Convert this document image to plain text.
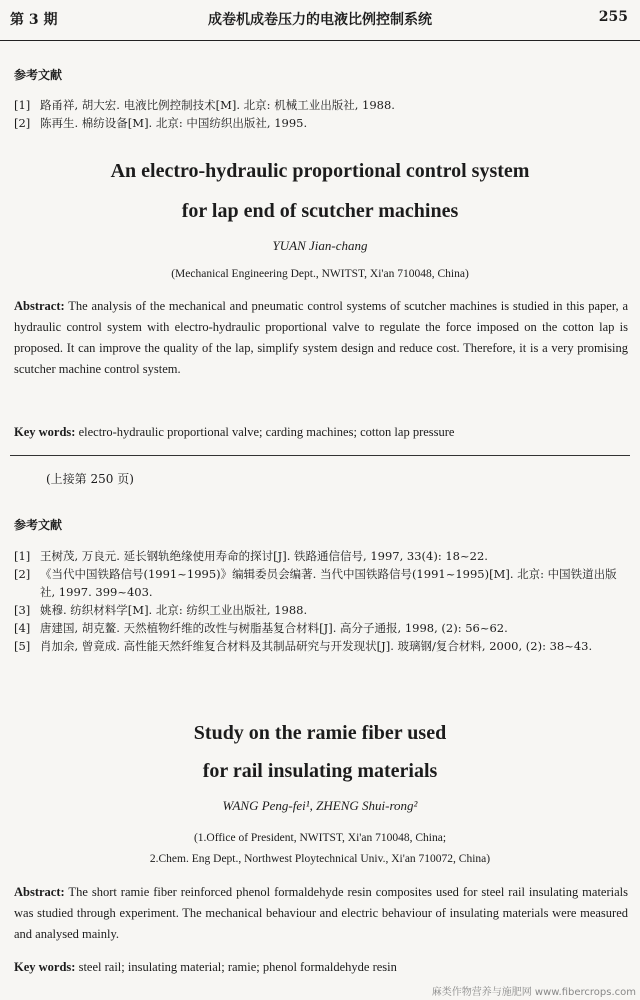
第 3 期	成卷机成卷压力的电液比例控制系统	255
参考文献
[1] 路甬祥, 胡大宏. 电液比例控制技术[M]. 北京: 机械工业出版社, 1988.
[2] 陈再生. 棉纺设备[M]. 北京: 中国纺织出版社, 1995.
An electro-hydraulic proportional control system
for lap end of scutcher machines
YUAN Jian-chang
(Mechanical Engineering Dept., NWITST, Xi'an 710048, China)
Abstract: The analysis of the mechanical and pneumatic control systems of scutcher machines is studied in this paper, a hydraulic control system with electro-hydraulic proportional valve to regulate the force imposed on the cotton lap is proposed. It can improve the quality of the lap, simplify system design and reduce cost. Therefore, it is a very promising scutcher machine control system.
Key words: electro-hydraulic proportional valve; carding machines; cotton lap pressure
(上接第 250 页)
参考文献
[1] 王树茂, 万良元. 延长钢轨绝缘使用寿命的探讨[J]. 铁路通信信号, 1997, 33(4): 18~22.
[2] 《当代中国铁路信号(1991~1995)》编辑委员会编著. 当代中国铁路信号(1991~1995)[M]. 北京: 中国铁道出版社, 1997. 399~403.
[3] 姚穆. 纺织材料学[M]. 北京: 纺织工业出版社, 1988.
[4] 唐建国, 胡克鳌. 天然植物纤维的改性与树脂基复合材料[J]. 高分子通报, 1998, (2): 56~62.
[5] 肖加余, 曾竟成. 高性能天然纤维复合材料及其制品研究与开发现状[J]. 玻璃钢/复合材料, 2000, (2): 38~43.
Study on the ramie fiber used
for rail insulating materials
WANG Peng-fei¹, ZHENG Shui-rong²
(1.Office of President, NWITST, Xi'an 710048, China;
2.Chem. Eng Dept., Northwest Ploytechnical Univ., Xi'an 710072, China)
Abstract: The short ramie fiber reinforced phenol formaldehyde resin composites used for steel rail insulating materials was studied through experiment. The mechanical behaviour and electric behaviour of insulating materials were measured and analysed mainly.
Key words: steel rail; insulating material; ramie; phenol formaldehyde resin
麻类作物营养与施肥网 www.fibercrops.com
